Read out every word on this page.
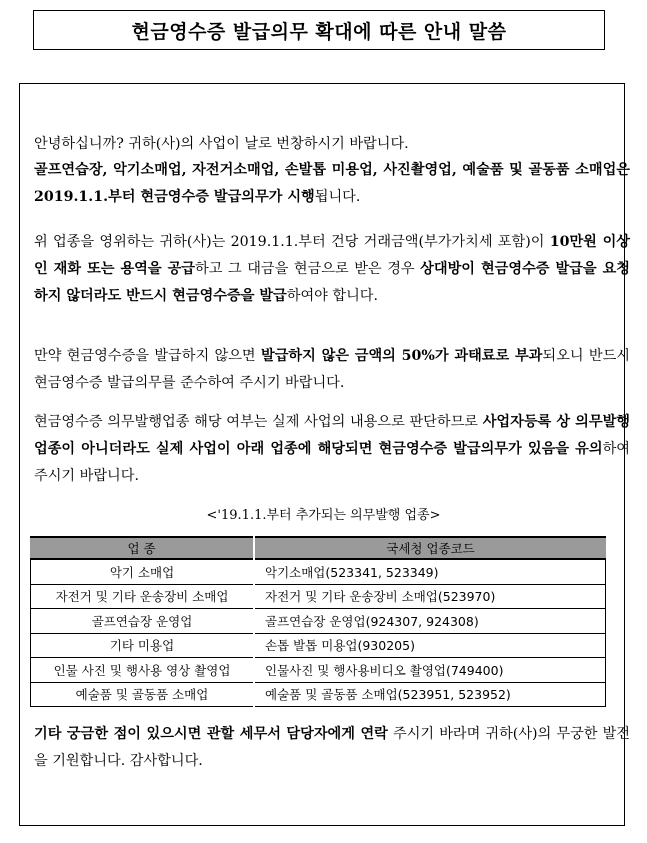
현금영수증 발급의무 확대에 따른 안내 말씀
안녕하십니까? 귀하(사)의 사업이 날로 번창하시기 바랍니다.
골프연습장, 악기소매업, 자전거소매업, 손발톱 미용업, 사진촬영업, 예술품 및 골동품 소매업은 2019.1.1.부터 현금영수증 발급의무가 시행됩니다.
위 업종을 영위하는 귀하(사)는 2019.1.1.부터 건당 거래금액(부가가치세 포함)이 10만원 이상인 재화 또는 용역을 공급하고 그 대금을 현금으로 받은 경우 상대방이 현금영수증 발급을 요청하지 않더라도 반드시 현금영수증을 발급하여야 합니다.
만약 현금영수증을 발급하지 않으면 발급하지 않은 금액의 50%가 과태료로 부과되오니 반드시 현금영수증 발급의무를 준수하여 주시기 바랍니다.
현금영수증 의무발행업종 해당 여부는 실제 사업의 내용으로 판단하므로 사업자등록 상 의무발행업종이 아니더라도 실제 사업이 아래 업종에 해당되면 현금영수증 발급의무가 있음을 유의하여 주시기 바랍니다.
<'19.1.1.부터 추가되는 의무발행 업종>
업 종	국세청 업종코드
악기 소매업	악기소매업(523341, 523349)
자전거 및 기타 운송장비 소매업	자전거 및 기타 운송장비 소매업(523970)
골프연습장 운영업	골프연습장 운영업(924307, 924308)
기타 미용업	손톱 발톱 미용업(930205)
인물 사진 및 행사용 영상 촬영업	인물사진 및 행사용비디오 촬영업(749400)
예술품 및 골동품 소매업	예술품 및 골동품 소매업(523951, 523952)
기타 궁금한 점이 있으시면 관할 세무서 담당자에게 연락 주시기 바라며 귀하(사)의 무궁한 발전을 기원합니다. 감사합니다.
